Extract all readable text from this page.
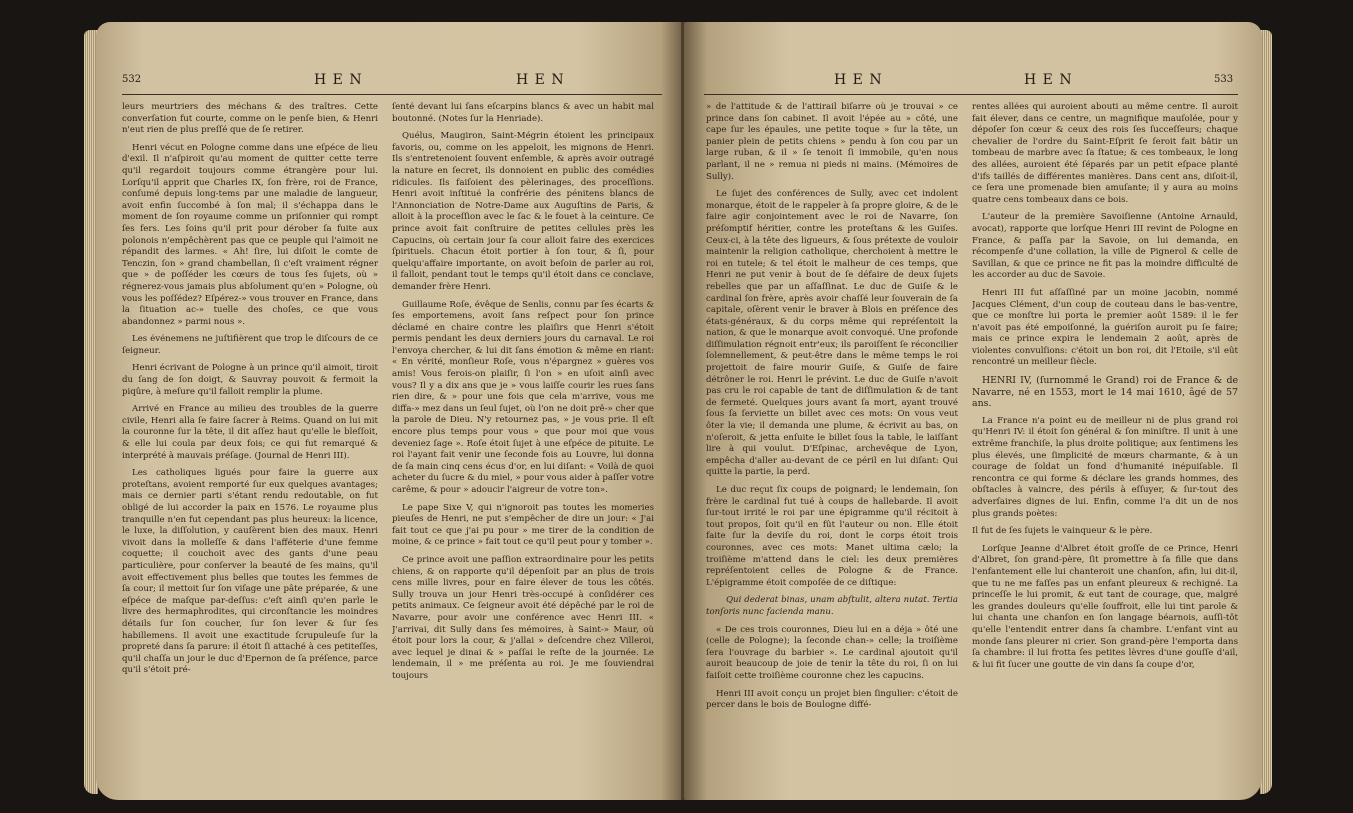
532	H E N	H E N

leurs meurtriers des méchans & des traîtres. Cette converſation fut courte, comme on le penſe bien, & Henri n'eut rien de plus preſſé que de ſe retirer.

Henri vécut en Pologne comme dans une eſpéce de lieu d'exil. Il n'aſpiroit qu'au moment de quitter cette terre qu'il regardoit toujours comme étrangère pour lui. Lorſqu'il apprit que Charles IX, ſon frère, roi de France, conſumé depuis long-tems par une maladie de langueur, avoit enfin ſuccombé à ſon mal; il s'échappa dans le moment de ſon royaume comme un priſonnier qui rompt ſes fers. Les ſoins qu'il prit pour dérober ſa fuite aux polonois n'empêchèrent pas que ce peuple qui l'aimoit ne répandit des larmes. « Ah! ſire, lui diſoit le comte de Tenczin, ſon » grand chambellan, ſi c'eſt vraiment régner que » de poſſéder les cœurs de tous ſes ſujets, où » régnerez-vous jamais plus abſolument qu'en » Pologne, où vous les poſſédez? Eſpérez-» vous trouver en France, dans la ſituation ac-» tuelle des choſes, ce que vous abandonnez » parmi nous ».

Les événemens ne juſtifièrent que trop le diſcours de ce ſeigneur.

Henri écrivant de Pologne à un prince qu'il aimoit, tiroit du ſang de ſon doigt, & Sauvray pouvoit & fermoit la piqûre, à meſure qu'il falloit remplir la plume.

Arrivé en France au milieu des troubles de la guerre civile, Henri alla ſe faire ſacrer à Reims. Quand on lui mit la couronne ſur la tête, il dit aſſez haut qu'elle le bleſſoit, & elle lui coula par deux fois; ce qui fut remarqué & interprété à mauvais préſage. (Journal de Henri III).

Les catholiques ligués pour faire la guerre aux proteſtans, avoient remporté ſur eux quelques avantages; mais ce dernier parti s'étant rendu redoutable, on fut obligé de lui accorder la paix en 1576. Le royaume plus tranquille n'en fut cependant pas plus heureux: la licence, le luxe, la diſſolution, y cauſèrent bien des maux. Henri vivoit dans la molleſſe & dans l'afféterie d'une femme coquette; il couchoit avec des gants d'une peau particulière, pour conſerver la beauté de ſes mains, qu'il avoit effectivement plus belles que toutes les femmes de ſa cour; il mettoit ſur ſon viſage une pâte préparée, & une eſpéce de maſque par-deſſus: c'eſt ainſi qu'en parle le livre des hermaphrodites, qui circonſtancie les moindres détails ſur ſon coucher, ſur ſon lever & ſur ſes habillemens. Il avoit une exactitude ſcrupuleuſe ſur la propreté dans ſa parure: il étoit ſi attaché à ces petiteſſes, qu'il chaſſa un jour le duc d'Epernon de ſa préſence, parce qu'il s'étoit pré-

ſenté devant lui ſans eſcarpins blancs & avec un habit mal boutonné. (Notes ſur la Henriade).

Quélus, Maugiron, Saint-Mégrin étoient les principaux favoris, ou, comme on les appeloit, les mignons de Henri. Ils s'entretenoient ſouvent enſemble, & après avoir outragé la nature en ſecret, ils donnoient en public des comédies ridicules. Ils faiſoient des pèlerinages, des proceſſions. Henri avoit inſtitué la confrérie des pénitens blancs de l'Annonciation de Notre-Dame aux Auguſtins de Paris, & alloit à la proceſſion avec le ſac & le fouet à la ceinture. Ce prince avoit fait conſtruire de petites cellules près les Capucins, où certain jour ſa cour alloit faire des exercices ſpirituels. Chacun étoit portier à ſon tour, & ſi, pour quelqu'affaire importante, on avoit beſoin de parler au roi, il falloit, pendant tout le temps qu'il étoit dans ce conclave, demander frère Henri.

Guillaume Roſe, évêque de Senlis, connu par ſes écarts & ſes emportemens, avoit ſans reſpect pour ſon prince déclamé en chaire contre les plaiſirs que Henri s'étoit permis pendant les deux derniers jours du carnaval. Le roi l'envoya chercher, & lui dit ſans émotion & même en riant: « En vérité, monſieur Roſe, vous n'épargnez » guères vos amis! Vous ferois-on plaiſir, ſi l'on » en uſoit ainſi avec vous? Il y a dix ans que je » vous laiſſe courir les rues ſans rien dire, & » pour une fois que cela m'arrive, vous me diffa-» mez dans un ſeul ſujet, où l'on ne doit prê-» cher que la parole de Dieu. N'y retournez pas, » je vous prie. Il eſt encore plus temps pour vous » que pour moi que vous deveniez ſage ». Roſe étoit ſujet à une eſpéce de pituite. Le roi l'ayant fait venir une ſeconde fois au Louvre, lui donna de ſa main cinq cens écus d'or, en lui diſant: « Voilà de quoi acheter du ſucre & du miel, » pour vous aider à paſſer votre carême, & pour » adoucir l'aigreur de votre ton».

Le pape Sixe V, qui n'ignoroit pas toutes les momeries pieuſes de Henri, ne put s'empêcher de dire un jour: « J'ai fait tout ce que j'ai pu pour » me tirer de la condition de moine, & ce prince » fait tout ce qu'il peut pour y tomber ».

Ce prince avoit une paſſion extraordinaire pour les petits chiens, & on rapporte qu'il dépenſoit par an plus de trois cens mille livres, pour en faire élever de tous les côtés. Sully trouva un jour Henri très-occupé à conſidérer ces petits animaux. Ce ſeigneur avoit été dépêché par le roi de Navarre, pour avoir une conférence avec Henri III. « J'arrivai, dit Sully dans ſes mémoires, à Saint-» Maur, où étoit pour lors la cour, & j'allai » deſcendre chez Villeroi, avec lequel je dinai & » paſſai le reſte de la journée. Le lendemain, il » me préſenta au roi. Je me ſouviendrai toujours

H E N	H E N	533

» de l'attitude & de l'attirail biſarre où je trouvai » ce prince dans ſon cabinet. Il avoit l'épée au » côté, une cape ſur les épaules, une petite toque » ſur la tête, un panier plein de petits chiens » pendu à ſon cou par un large ruban, & il » ſe tenoit ſi immobile, qu'en nous parlant, il ne » remua ni pieds ni mains. (Mémoires de Sully).

Le ſujet des conférences de Sully, avec cet indolent monarque, étoit de le rappeler à ſa propre gloire, & de le faire agir conjointement avec le roi de Navarre, ſon préſomptif héritier, contre les proteſtans & les Guiſes. Ceux-ci, à la tête des ligueurs, & ſous prétexte de vouloir maintenir la religion catholique, cherchoient à mettre le roi en tutele; & tel étoit le malheur de ces temps, que Henri ne put venir à bout de ſe défaire de deux ſujets rebelles que par un aſſaſſinat. Le duc de Guiſe & le cardinal ſon frère, après avoir chaſſé leur ſouverain de ſa capitale, oſèrent venir le braver à Blois en préſence des états-généraux, & du corps même qui repréſentoit la nation, & que le monarque avoit convoqué. Une profonde diſſimulation régnoit entr'eux; ils paroiſſent ſe réconcilier ſolemnellement, & peut-être dans le même temps le roi projettoit de faire mourir Guiſe, & Guiſe de faire détrôner le roi. Henri le prévint. Le duc de Guiſe n'avoit pas cru le roi capable de tant de diſſimulation & de tant de fermeté. Quelques jours avant ſa mort, ayant trouvé ſous ſa ſerviette un billet avec ces mots: On vous veut ôter la vie; il demanda une plume, & écrivit au bas, on n'oſeroit, & jetta enſuite le billet ſous la table, le laiſſant lire à qui voulut. D'Eſpinac, archevêque de Lyon, empêcha d'aller au-devant de ce péril en lui diſant: Qui quitte la partie, la perd.

Le duc reçut ſix coups de poignard; le lendemain, ſon frère le cardinal fut tué à coups de hallebarde. Il avoit ſur-tout irrité le roi par une épigramme qu'il récitoit à tout propos, ſoit qu'il en fût l'auteur ou non. Elle étoit faite ſur la deviſe du roi, dont le corps étoit trois couronnes, avec ces mots: Manet ultima cælo; la troiſième m'attend dans le ciel: les deux premières repréſentoient celles de Pologne & de France. L'épigramme étoit compoſée de ce diſtique:

Qui dederat binas, unam abſtulit, altera nutat. Tertia tonſoris nunc facienda manu.

« De ces trois couronnes, Dieu lui en a déja » ôté une (celle de Pologne); la ſeconde chan-» celle; la troiſième ſera l'ouvrage du barbier ». Le cardinal ajoutoit qu'il auroit beaucoup de joie de tenir la tête du roi, ſi on lui faiſoit cette troiſième couronne chez les capucins.

Henri III avoit conçu un projet bien ſingulier: c'étoit de percer dans le bois de Boulogne diffé-

rentes allées qui auroient abouti au même centre. Il auroit fait élever, dans ce centre, un magnifique mauſolée, pour y dépoſer ſon cœur & ceux des rois ſes ſucceſſeurs; chaque chevalier de l'ordre du Saint-Eſprit ſe ſeroit fait bâtir un tombeau de marbre avec ſa ſtatue; & ces tombeaux, le long des allées, auroient été ſéparés par un petit eſpace planté d'ifs taillés de différentes manières. Dans cent ans, diſoit-il, ce ſera une promenade bien amuſante; il y aura au moins quatre cens tombeaux dans ce bois.

L'auteur de la première Savoiſienne (Antoine Arnauld, avocat), rapporte que lorſque Henri III revint de Pologne en France, & paſſa par la Savoie, on lui demanda, en récompenſe d'une collation, la ville de Pignerol & celle de Savillan, & que ce prince ne fit pas la moindre difficulté de les accorder au duc de Savoie.

Henri III fut aſſaſſiné par un moine jacobin, nommé Jacques Clément, d'un coup de couteau dans le bas-ventre, que ce monſtre lui porta le premier août 1589: il le fer n'avoit pas été empoiſonné, la guériſon auroit pu ſe faire; mais ce prince expira le lendemain 2 août, après de violentes convulſions: c'étoit un bon roi, dit l'Etoile, s'il eût rencontré un meilleur ſiècle.

HENRI IV, (ſurnommé le Grand) roi de France & de Navarre, né en 1553, mort le 14 mai 1610, âgé de 57 ans.

La France n'a point eu de meilleur ni de plus grand roi qu'Henri IV: il étoit ſon général & ſon miniſtre. Il unit à une extrême franchiſe, la plus droite politique; aux ſentimens les plus élevés, une ſimplicité de mœurs charmante, & à un courage de ſoldat un fond d'humanité inépuiſable. Il rencontra ce qui forme & déclare les grands hommes, des obſtacles à vaincre, des périls à eſſuyer, & ſur-tout des adverſaires dignes de lui. Enfin, comme l'a dit un de nos plus grands poètes:

Il fut de ſes ſujets le vainqueur & le père.

Lorſque Jeanne d'Albret étoit groſſe de ce Prince, Henri d'Albret, ſon grand-père, ſit promettre à ſa fille que dans l'enfantement elle lui chanteroit une chanſon, afin, lui dit-il, que tu ne me faſſes pas un enfant pleureux & rechigné. La princeſſe le lui promit, & eut tant de courage, que, malgré les grandes douleurs qu'elle ſouffroit, elle lui tint parole & lui chanta une chanſon en ſon langage béarnois, auſſi-tôt qu'elle l'entendit entrer dans ſa chambre. L'enfant vint au monde ſans pleurer ni crier. Son grand-père l'emporta dans ſa chambre: il lui frotta ſes petites lèvres d'une gouſſe d'ail, & lui fit ſucer une goutte de vin dans ſa coupe d'or,
